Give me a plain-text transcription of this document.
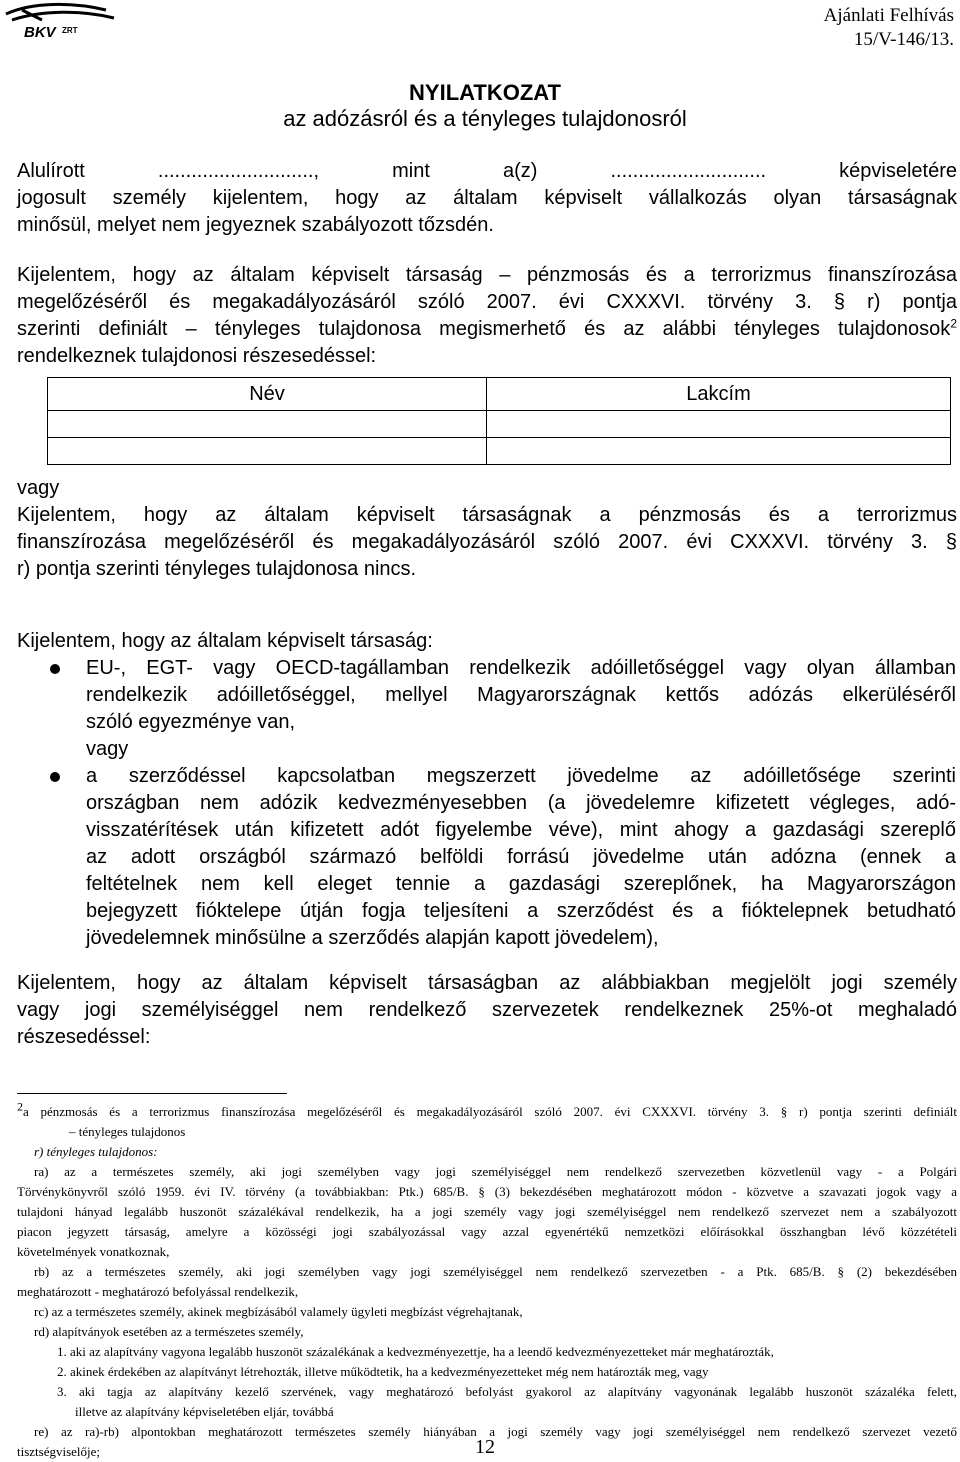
BKV ZRT
Ajánlati Felhívás
15/V-146/13.
NYILATKOZAT
az adózásról és a tényleges tulajdonosról
Alulírott ............................, mint a(z) ............................ képviseletére
jogosult személy kijelentem, hogy az általam képviselt vállalkozás olyan társaságnak
minősül, melyet nem jegyeznek szabályozott tőzsdén.
Kijelentem, hogy az általam képviselt társaság – pénzmosás és a terrorizmus finanszírozása
megelőzéséről és megakadályozásáról szóló 2007. évi CXXXVI. törvény 3. § r) pontja
szerinti definiált – tényleges tulajdonosa megismerhető és az alábbi tényleges tulajdonosok$^2$
rendelkeznek tulajdonosi részesedéssel:
Név	Lakcím

vagy
Kijelentem, hogy az általam képviselt társaságnak a pénzmosás és a terrorizmus
finanszírozása megelőzéséről és megakadályozásáról szóló 2007. évi CXXXVI. törvény 3. §
r) pontja szerinti tényleges tulajdonosa nincs.
Kijelentem, hogy az általam képviselt társaság:
EU-, EGT- vagy OECD-tagállamban rendelkezik adóilletőséggel vagy olyan államban
rendelkezik adóilletőséggel, mellyel Magyarországnak kettős adózás elkerüléséről
szóló egyezménye van,
vagy
a szerződéssel kapcsolatban megszerzett jövedelme az adóilletősége szerinti
országban nem adózik kedvezményesebben (a jövedelemre kifizetett végleges, adó-
visszatérítések után kifizetett adót figyelembe véve), mint ahogy a gazdasági szereplő
az adott országból származó belföldi forrású jövedelme után adózna (ennek a
feltételnek nem kell eleget tennie a gazdasági szereplőnek, ha Magyarországon
bejegyzett fióktelepe útján fogja teljesíteni a szerződést és a fióktelepnek betudható
jövedelemnek minősülne a szerződés alapján kapott jövedelem),
Kijelentem, hogy az általam képviselt társaságban az alábbiakban megjelölt jogi személy
vagy jogi személyiséggel nem rendelkező szervezetek rendelkeznek 25%-ot meghaladó
részesedéssel:
$^2$a pénzmosás és a terrorizmus finanszírozása megelőzéséről és megakadályozásáról szóló 2007. évi CXXXVI. törvény 3. § r) pontja szerinti definiált
– tényleges tulajdonos
r) tényleges tulajdonos:
ra) az a természetes személy, aki jogi személyben vagy jogi személyiséggel nem rendelkező szervezetben közvetlenül vagy - a Polgári
Törvénykönyvről szóló 1959. évi IV. törvény (a továbbiakban: Ptk.) 685/B. § (3) bekezdésében meghatározott módon - közvetve a szavazati jogok vagy a
tulajdoni hányad legalább huszonöt százalékával rendelkezik, ha a jogi személy vagy jogi személyiséggel nem rendelkező szervezet nem a szabályozott
piacon jegyzett társaság, amelyre a közösségi jogi szabályozással vagy azzal egyenértékű nemzetközi előírásokkal összhangban lévő közzétételi
követelmények vonatkoznak,
rb) az a természetes személy, aki jogi személyben vagy jogi személyiséggel nem rendelkező szervezetben - a Ptk. 685/B. § (2) bekezdésében
meghatározott - meghatározó befolyással rendelkezik,
rc) az a természetes személy, akinek megbízásából valamely ügyleti megbízást végrehajtanak,
rd) alapítványok esetében az a természetes személy,
1. aki az alapítvány vagyona legalább huszonöt százalékának a kedvezményezettje, ha a leendő kedvezményezetteket már meghatározták,
2. akinek érdekében az alapítványt létrehozták, illetve működtetik, ha a kedvezményezetteket még nem határozták meg, vagy
3. aki tagja az alapítvány kezelő szervének, vagy meghatározó befolyást gyakorol az alapítvány vagyonának legalább huszonöt százaléka felett,
illetve az alapítvány képviseletében eljár, továbbá
re) az ra)-rb) alpontokban meghatározott természetes személy hiányában a jogi személy vagy jogi személyiséggel nem rendelkező szervezet vezető
tisztségviselője;	12
